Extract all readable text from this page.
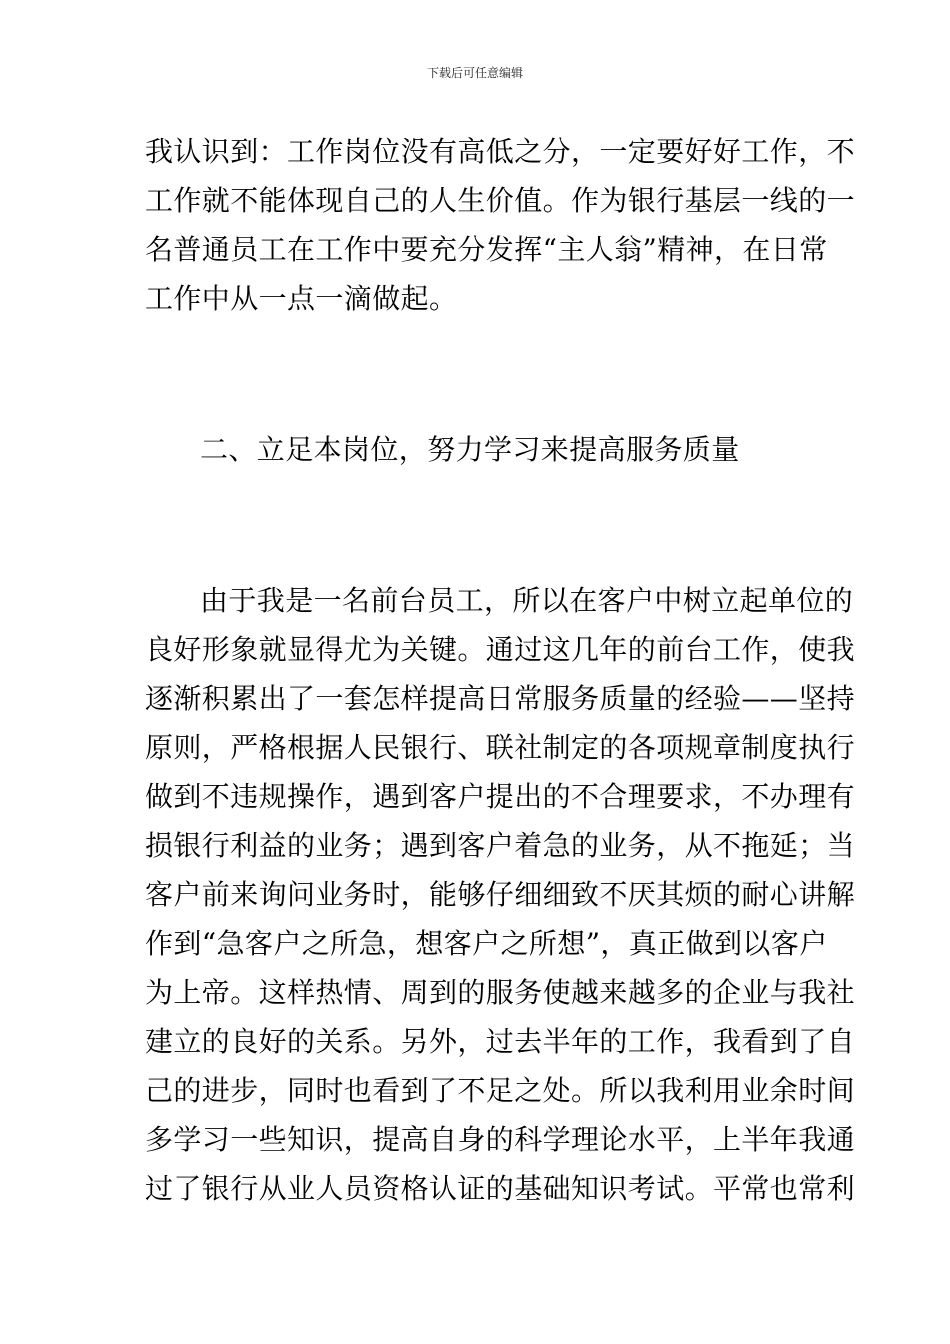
下载后可任意编辑
我认识到：工作岗位没有高低之分，一定要好好工作，不
工作就不能体现自己的人生价值。作为银行基层一线的一
名普通员工在工作中要充分发挥“主人翁”精神，在日常
工作中从一点一滴做起。
二、立足本岗位，努力学习来提高服务质量
由于我是一名前台员工，所以在客户中树立起单位的
良好形象就显得尤为关键。通过这几年的前台工作，使我
逐渐积累出了一套怎样提高日常服务质量的经验——坚持
原则，严格根据人民银行、联社制定的各项规章制度执行
做到不违规操作，遇到客户提出的不合理要求，不办理有
损银行利益的业务；遇到客户着急的业务，从不拖延；当
客户前来询问业务时，能够仔细细致不厌其烦的耐心讲解
作到“急客户之所急，想客户之所想”，真正做到以客户
为上帝。这样热情、周到的服务使越来越多的企业与我社
建立的良好的关系。另外，过去半年的工作，我看到了自
己的进步，同时也看到了不足之处。所以我利用业余时间
多学习一些知识，提高自身的科学理论水平，上半年我通
过了银行从业人员资格认证的基础知识考试。平常也常利
